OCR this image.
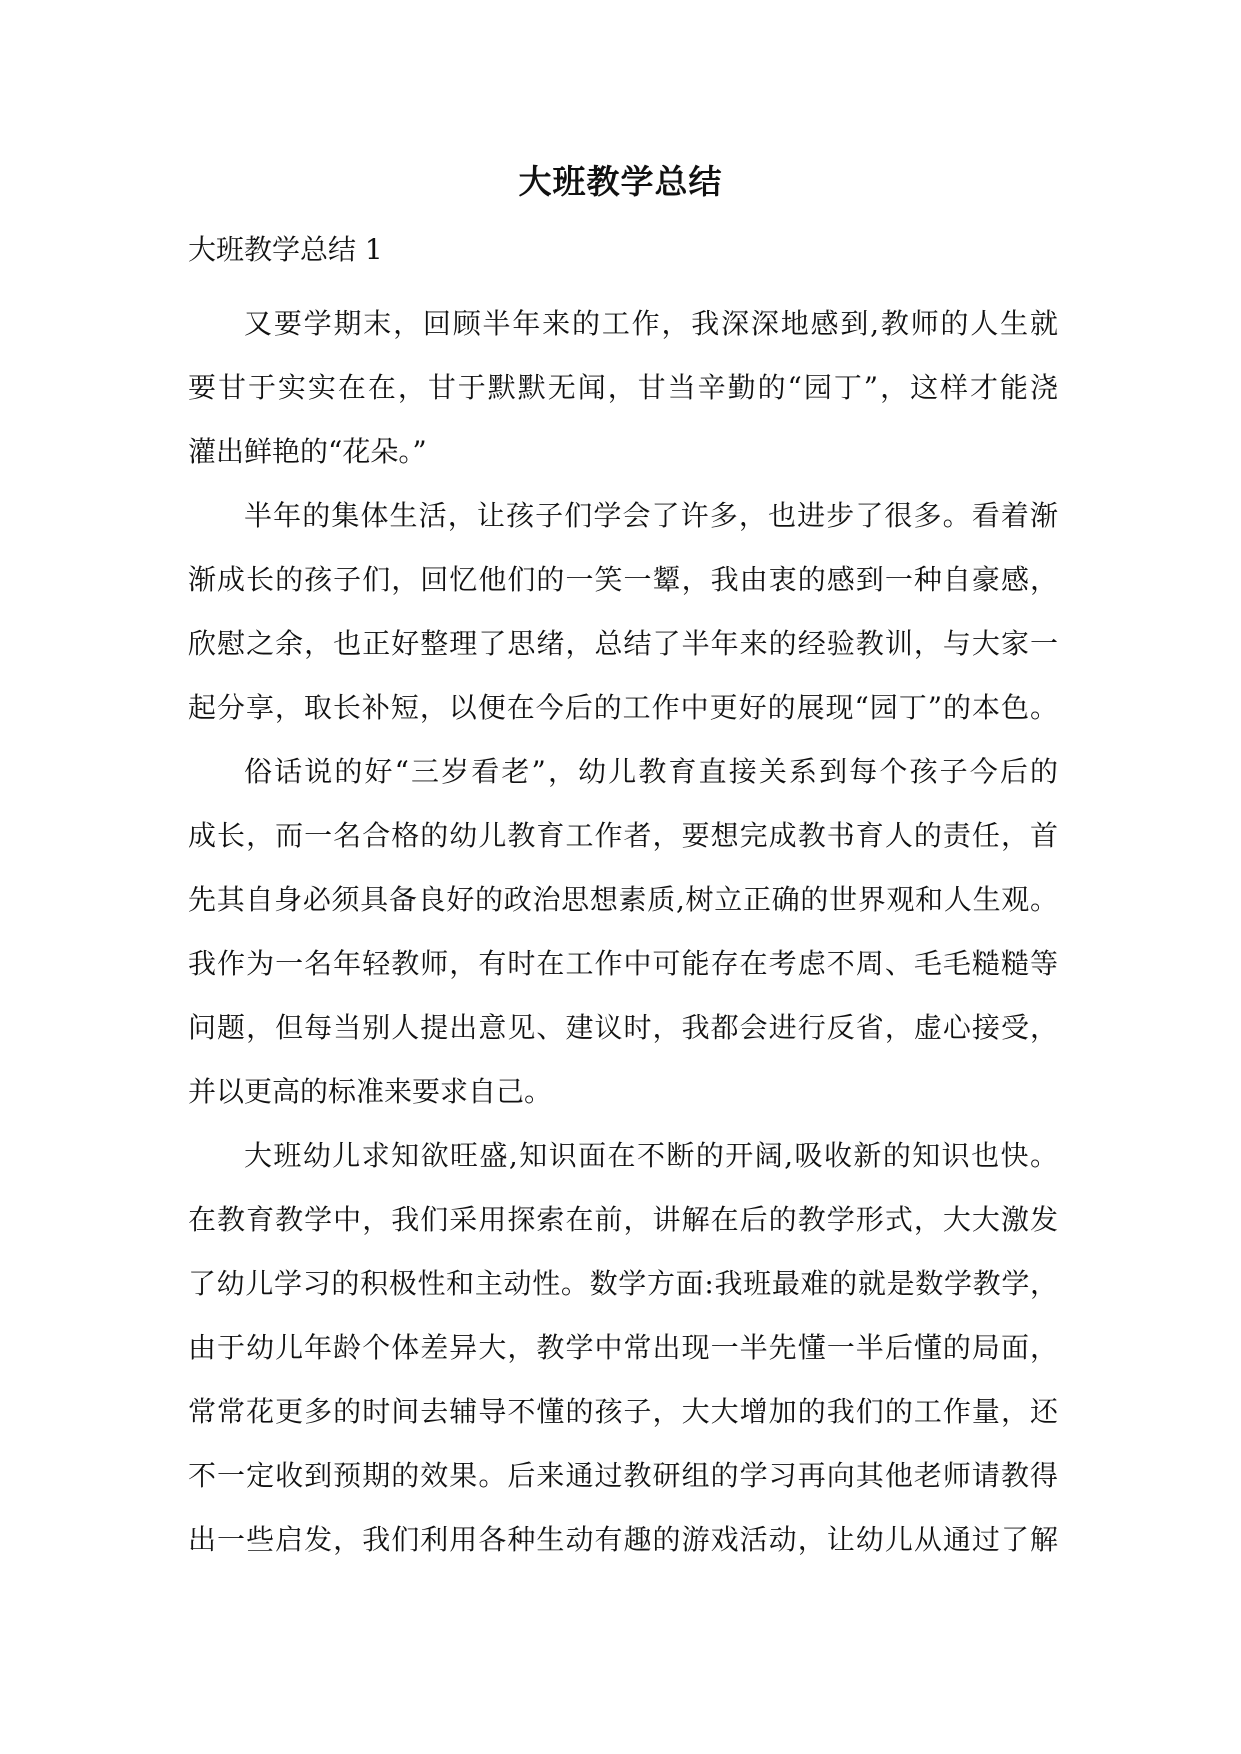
大班教学总结
大班教学总结 1
又要学期末，回顾半年来的工作，我深深地感到,教师的人生就
要甘于实实在在，甘于默默无闻，甘当辛勤的“园丁”，这样才能浇
灌出鲜艳的“花朵。”
半年的集体生活，让孩子们学会了许多，也进步了很多。看着渐
渐成长的孩子们，回忆他们的一笑一颦，我由衷的感到一种自豪感，
欣慰之余，也正好整理了思绪，总结了半年来的经验教训，与大家一
起分享，取长补短，以便在今后的工作中更好的展现“园丁”的本色。
俗话说的好“三岁看老”，幼儿教育直接关系到每个孩子今后的
成长，而一名合格的幼儿教育工作者，要想完成教书育人的责任，首
先其自身必须具备良好的政治思想素质,树立正确的世界观和人生观。
我作为一名年轻教师，有时在工作中可能存在考虑不周、毛毛糙糙等
问题，但每当别人提出意见、建议时，我都会进行反省，虚心接受，
并以更高的标准来要求自己。
大班幼儿求知欲旺盛,知识面在不断的开阔,吸收新的知识也快。
在教育教学中，我们采用探索在前，讲解在后的教学形式，大大激发
了幼儿学习的积极性和主动性。数学方面:我班最难的就是数学教学，
由于幼儿年龄个体差异大，教学中常出现一半先懂一半后懂的局面，
常常花更多的时间去辅导不懂的孩子，大大增加的我们的工作量，还
不一定收到预期的效果。后来通过教研组的学习再向其他老师请教得
出一些启发，我们利用各种生动有趣的游戏活动，让幼儿从通过了解
